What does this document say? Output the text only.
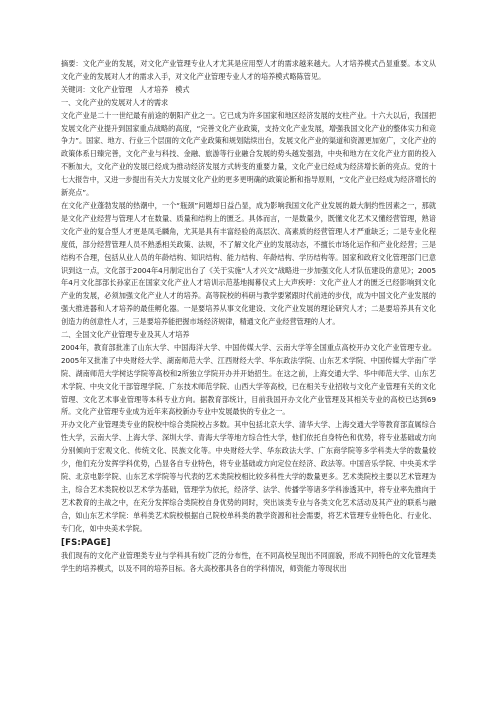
摘要：文化产业的发展，对文化产业管理专业人才尤其是应用型人才的需求越来越大。人才培养模式凸显重要。本文从文化产业的发展对人才的需求入手，对文化产业管理专业人才的培养模式略陈管见。

关键词：文化产业管理　人才培养　模式

一、文化产业的发展对人才的需求

文化产业是二十一世纪最有前途的朝阳产业之一。它已成为许多国家和地区经济发展的支柱产业。十六大以后，我国把发展文化产业提升到国家重点战略的高度，“完善文化产业政策，支持文化产业发展，增强我国文化产业的整体实力和竞争力”。国家、地方、行业三个层面的文化产业政策和规划陆续出台，发展文化产业的渠道和资源更加宽广，文化产业的政策体系日臻完善，文化产业与科技、金融、旅游等行业融合发展的势头越发强劲，中央和地方在文化产业方面的投入不断加大，文化产业的发展已经成为推动经济发展方式转变的重要力量，文化产业已经成为经济增长新的亮点。党的十七大报告中，又进一步提出有关大力发展文化产业的更多更明确的政策论断和指导原则，“文化产业已经成为经济增长的新亮点”。

在文化产业蓬勃发展的热潮中，一个“瓶颈”问题却日益凸显，成为影响我国文化产业发展的最大制约性因素之一，那就是文化产业经营与管理人才在数量、质量和结构上的匮乏。具体而言，一是数量少，既懂文化艺术又懂经营管理，熟谙文化产业的复合型人才更是凤毛麟角，尤其是具有丰富经验的高层次、高素质的经营管理人才严重缺乏；二是专业化程度低，部分经营管理人员不熟悉相关政策、法规，不了解文化产业的发展动态，不擅长市场化运作和产业化经营；三是结构不合理，包括从业人员的年龄结构、知识结构、能力结构、年龄结构、学历结构等。国家和政府文化管理部门已意识到这一点，文化部于2004年4月制定出台了《关于实施“人才兴文”战略进一步加强文化人才队伍建设的意见》；2005年4月文化部部长孙家正在国家文化产业人才培训示范基地揭幕仪式上大声疾呼：文化产业人才的匮乏已经影响到文化产业的发展，必须加强文化产业人才的培养。高等院校的科研与教学要紧跟时代前进的步伐，成为中国文化产业发展的强大推进器和人才培养的最佳孵化器。一是要培养从事文化建设、文化产业发展的理论研究人才；二是要培养具有文化创造力的创意性人才，三是要培养能把握市场经济规律，精通文化产业经营管理的人才。

二、全国文化产业管理专业及其人才培养

2004年，教育部批准了山东大学、中国海洋大学、中国传媒大学、云南大学等全国重点高校开办文化产业管理专业。2005年又批准了中央财经大学、湖南师范大学、江西财经大学、华东政法学院、山东艺术学院、中国传媒大学南广学院、湖南师范大学树达学院等高校和2所独立学院开办并开始招生。在这之前，上海交通大学、华中师范大学、山东艺术学院、中央文化干部管理学院、广东技术师范学院、山西大学等高校，已在相关专业招收与文化产业管理有关的文化管理、文化艺术事业管理等本科专业方向。据教育部统计，目前我国开办文化产业管理及其相关专业的高校已达到69所。文化产业管理专业成为近年来高校新办专业中发展最快的专业之一。

开办文化产业管理类专业的院校中综合类院校占多数。其中包括北京大学、清华大学、上海交通大学等教育部直属综合性大学，云南大学、上海大学、深圳大学、青海大学等地方综合性大学，他们依托自身特色和优势，将专业基础或方向分别倾向于宏观文化、传统文化、民族文化等。中央财经大学、华东政法大学、广东商学院等多学科类大学的数量较少，他们充分发挥学科优势，凸显各自专业特色，将专业基础或方向定位在经济、政法等。中国音乐学院、中央美术学院、北京电影学院、山东艺术学院等与代表的艺术类院校相比较多科性大学的数量更多。艺术类院校主要以艺术管理为主，综合艺术类院校以艺术学为基础，管理学为依托，经济学、法学、传播学等诸多学科渗透其中，将专业率先推向于艺术教育的主战之中，在充分发挥综合类院校自身优势的同时，突出该类专业与各类文化艺术活动及其产业的联系与融合，如山东艺术学院：单科类艺术院校根据自己院校单科类的教学资源和社会需要，将艺术管理专业特色化、行业化、专门化，如中央美术学院。

[FS:PAGE]

我们现有的文化产业管理类专业与学科具有较广泛的分布性，在不同高校呈现出不同面貌，形成不同特色的文化管理类学生的培养模式，以及不同的培养目标。各大高校都具各自的学科情况，师资能力等现状出
